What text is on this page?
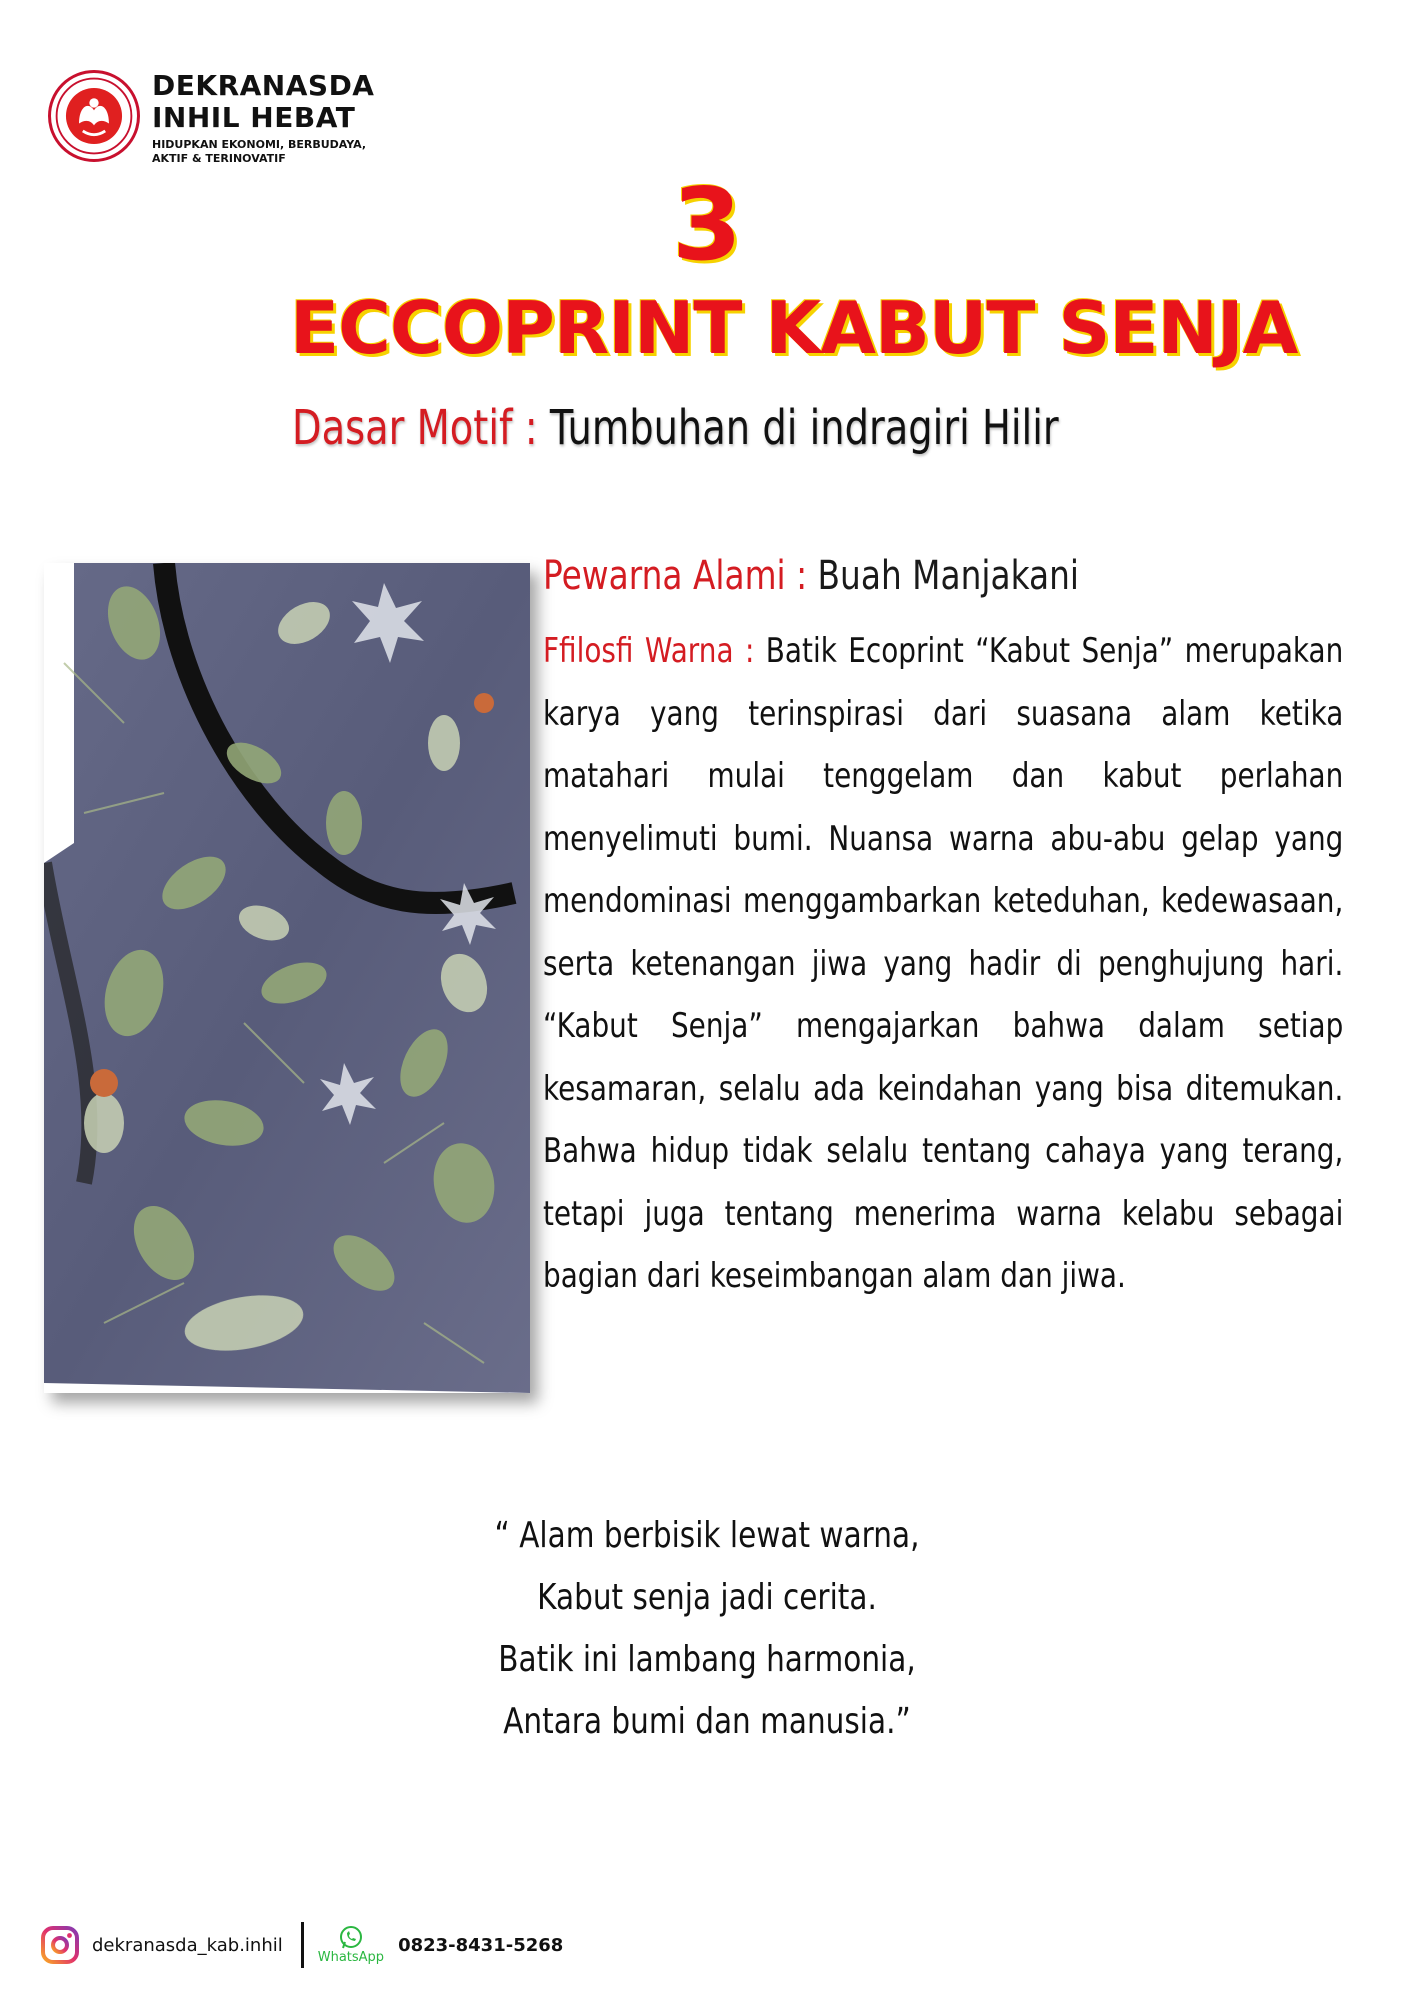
DEKRANASDA
INHIL HEBAT
HIDUPKAN EKONOMI, BERBUDAYA, AKTIF & TERINOVATIF
3
ECCOPRINT KABUT SENJA
Dasar Motif : Tumbuhan di indragiri Hilir
Pewarna Alami : Buah Manjakani
Ffilosfi Warna : Batik Ecoprint “Kabut Senja” merupakan karya yang terinspirasi dari suasana alam ketika matahari mulai tenggelam dan kabut perlahan menyelimuti bumi. Nuansa warna abu-abu gelap yang mendominasi menggambarkan keteduhan, kedewasaan, serta ketenangan jiwa yang hadir di penghujung hari. “Kabut Senja” mengajarkan bahwa dalam setiap kesamaran, selalu ada keindahan yang bisa ditemukan. Bahwa hidup tidak selalu tentang cahaya yang terang, tetapi juga tentang menerima warna kelabu sebagai bagian dari keseimbangan alam dan jiwa.
“ Alam berbisik lewat warna,
Kabut senja jadi cerita.
Batik ini lambang harmonia,
Antara bumi dan manusia.”
dekranasda_kab.inhil
WhatsApp
0823-8431-5268
